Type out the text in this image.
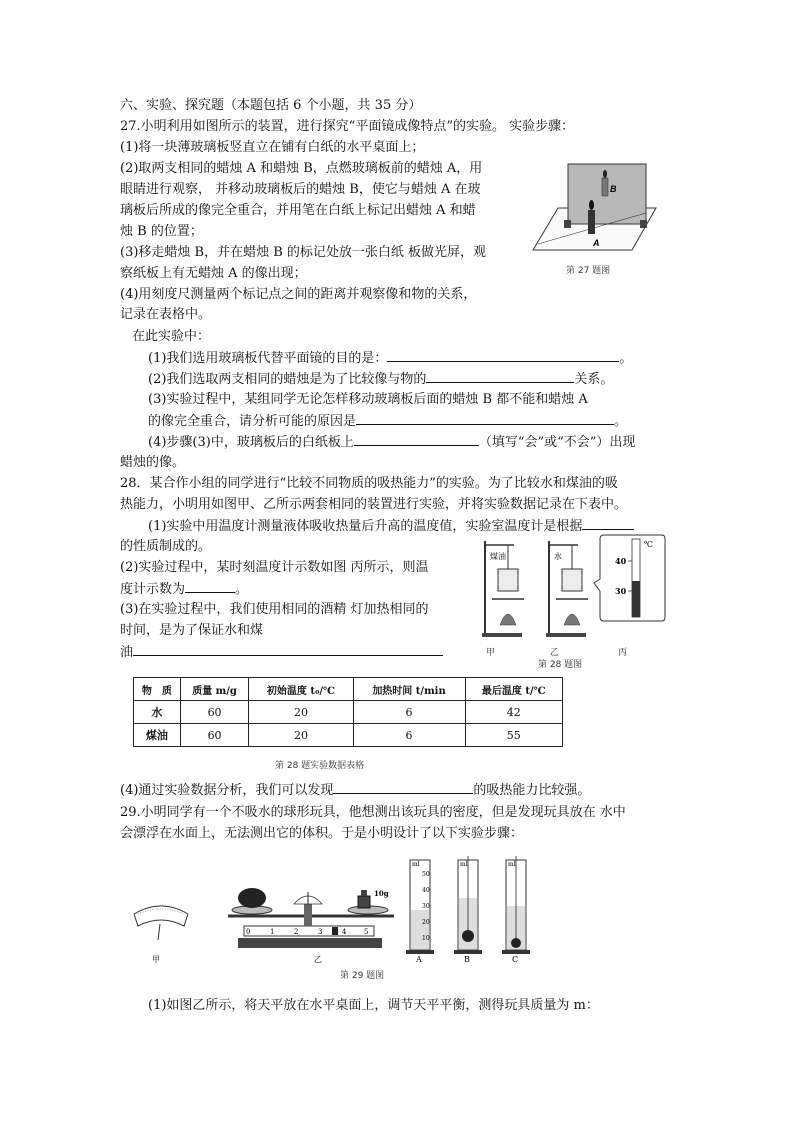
六、实验、探究题（本题包括 6 个小题，共 35 分）
27.小明利用如图所示的装置，进行探究“平面镜成像特点”的实验。 实验步骤：
(1)将一块薄玻璃板竖直立在铺有白纸的水平桌面上；
(2)取两支相同的蜡烛 A 和蜡烛 B，点燃玻璃板前的蜡烛 A，用
眼睛进行观察， 并移动玻璃板后的蜡烛 B，使它与蜡烛 A 在玻
璃板后所成的像完全重合，并用笔在白纸上标记出蜡烛 A 和蜡
烛 B 的位置；
(3)移走蜡烛 B，并在蜡烛 B 的标记处放一张白纸 板做光屏，观
察纸板上有无蜡烛 A 的像出现；
(4)用刻度尺测量两个标记点之间的距离并观察像和物的关系，
记录在表格中。
在此实验中：
(1)我们选用玻璃板代替平面镜的目的是：	。
(2)我们选取两支相同的蜡烛是为了比较像与物的	关系。
(3)实验过程中，某组同学无论怎样移动玻璃板后面的蜡烛 B 都不能和蜡烛 A
的像完全重合，请分析可能的原因是	。
(4)步骤(3)中，玻璃板后的白纸板上	（填写“会”或“不会”）出现
蜡烛的像。
B
A
第 27 题图
28．某合作小组的同学进行“比较不同物质的吸热能力”的实验。为了比较水和煤油的吸
热能力，小明用如图甲、乙所示两套相同的装置进行实验，并将实验数据记录在下表中。
(1)实验中用温度计测量液体吸收热量后升高的温度值，实验室温度计是根据
的性质制成的。
(2)实验过程中，某时刻温度计示数如图 丙所示，则温
度计示数为	。
(3)在实验过程中，我们使用相同的酒精 灯加热相同的
时间，是为了保证水和煤
油
煤油	水	40
30
℃
甲	乙	丙
第 28 题图
物　质	质量 m/g	初始温度 t₀/℃	加热时间 t/min	最后温度 t/℃
水	60	20	6	42
煤油	60	20	6	55
第 28 题实验数据表格
(4)通过实验数据分析，我们可以发现	的吸热能力比较强。
29.小明同学有一个不吸水的球形玩具，他想测出该玩具的密度，但是发现玩具放在 水中
会漂浮在水面上，无法测出它的体积。于是小明设计了以下实验步骤：
甲
0	1	2	3	4	5
10g
乙
ml
50
40
30
20
10
ml	ml
A	B	C
第 29 题图
(1)如图乙所示，将天平放在水平桌面上，调节天平平衡，测得玩具质量为 m：
